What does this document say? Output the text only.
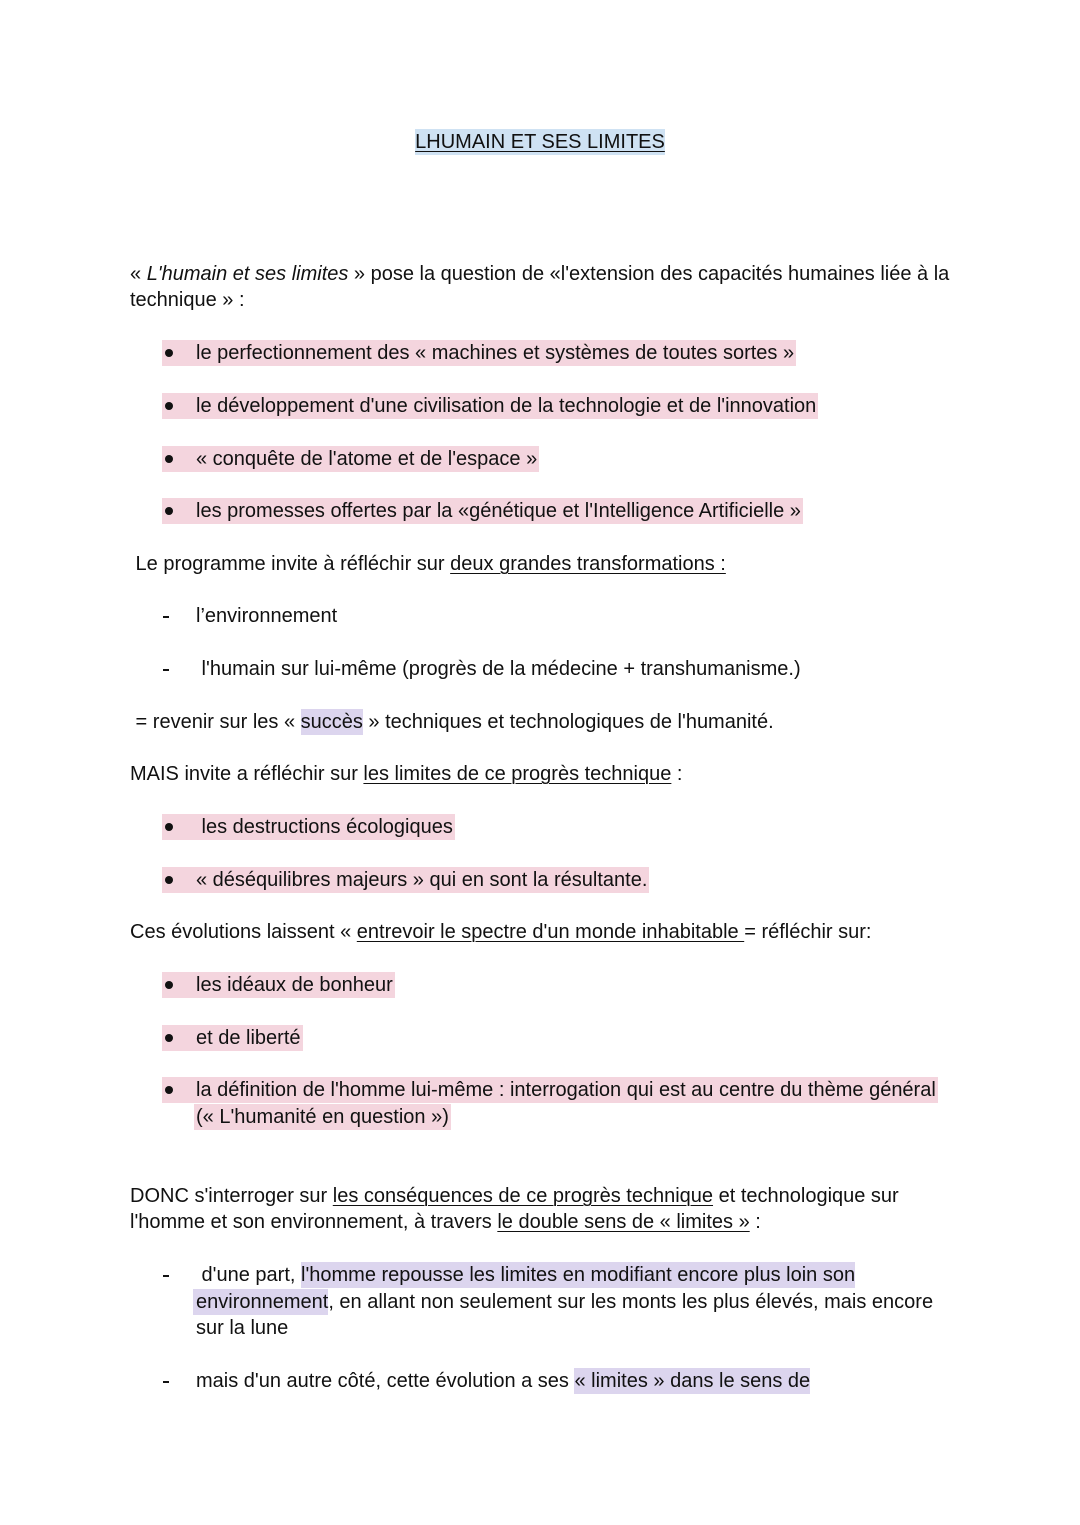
LHUMAIN ET SES LIMITES
« L'humain et ses limites » pose la question de «l'extension des capacités humaines liée à la
technique » :
le perfectionnement des « machines et systèmes de toutes sortes »
le développement d'une civilisation de la technologie et de l'innovation
« conquête de l'atome et de l'espace »
les promesses offertes par la «génétique et l'Intelligence Artificielle »
Le programme invite à réfléchir sur deux grandes transformations :
l’environnement
l'humain sur lui-même (progrès de la médecine + transhumanisme.)
= revenir sur les « succès » techniques et technologiques de l'humanité.
MAIS invite a réfléchir sur les limites de ce progrès technique :
les destructions écologiques
« déséquilibres majeurs » qui en sont la résultante.
Ces évolutions laissent « entrevoir le spectre d'un monde inhabitable = réfléchir sur:
les idéaux de bonheur
et de liberté
la définition de l'homme lui-même : interrogation qui est au centre du thème général
(« L'humanité en question »)
DONC s'interroger sur les conséquences de ce progrès technique et technologique sur
l'homme et son environnement, à travers le double sens de « limites » :
d'une part, l'homme repousse les limites en modifiant encore plus loin son
environnement, en allant non seulement sur les monts les plus élevés, mais encore
sur la lune
mais d'un autre côté, cette évolution a ses « limites » dans le sens de
